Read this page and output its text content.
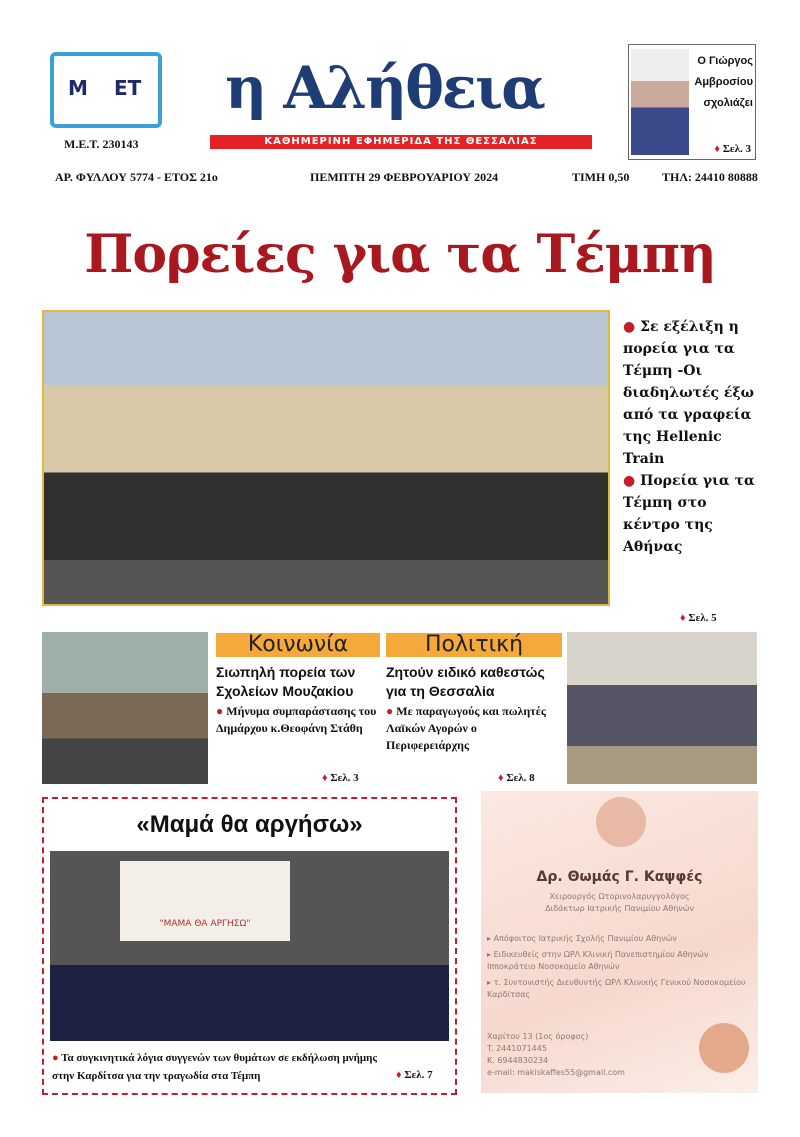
M ET
Μ.Ε.Τ. 230143
η Αλήθεια
ΚΑΘΗΜΕΡΙΝΗ ΕΦΗΜΕΡΙΔΑ ΤΗΣ ΘΕΣΣΑΛΙΑΣ
Ο Γιώργος
Αμβροσίου
σχολιάζει
♦ Σελ. 3
ΑΡ. ΦΥΛΛΟΥ 5774 - ΕΤΟΣ 21ο	ΠΕΜΠΤΗ 29 ΦΕΒΡΟΥΑΡΙΟΥ 2024	ΤΙΜΗ 0,50	ΤΗΛ: 24410 80888
Πορείες για τα Τέμπη

● Σε εξέλιξη η πορεία για τα Τέμπη -Οι διαδηλωτές έξω από τα γραφεία της Hellenic Train

● Πορεία για τα Τέμπη στο κέντρο της Αθήνας

♦ Σελ. 5
Κοινωνία
Σιωπηλή πορεία των Σχολείων Μουζακίου
● Μήνυμα συμπαράστασης του Δημάρχου κ.Θεοφάνη Στάθη
♦ Σελ. 3
Πολιτική
Ζητούν ειδικό καθεστώς για τη Θεσσαλία
● Με παραγωγούς και πωλητές Λαϊκών Αγορών ο Περιφερειάρχης
♦ Σελ. 8
«Μαμά θα αργήσω»
"ΜΑΜΑ ΘΑ ΑΡΓΗΣΩ"
● Τα συγκινητικά λόγια συγγενών των θυμάτων σε εκδήλωση μνήμης στην Καρδίτσα για την τραγωδία στα Τέμπη	♦ Σελ. 7
Δρ. Θωμάς Γ. Καψφές
Χειρουργός Ωτορινολαρυγγολόγος
Διδάκτωρ Ιατρικής Πανιμίου Αθηνών
▸ Απόφοιτος Ιατρικής Σχολής Πανιμίου Αθηνών
▸ Ειδικευθείς στην ΩΡΛ Κλινική Πανεπιστημίου Αθηνών Ιπποκράτειο Νοσοκομείο Αθηνών
▸ τ. Συντονιστής Διευθυντής ΩΡΛ Κλινικής Γενικού Νοσοκομείου Καρδίτσας
Χαρίτου 13 (1ος όροφος)
T. 2441071445
K. 6944830234
e-mail: makiskaffes55@gmail.com
